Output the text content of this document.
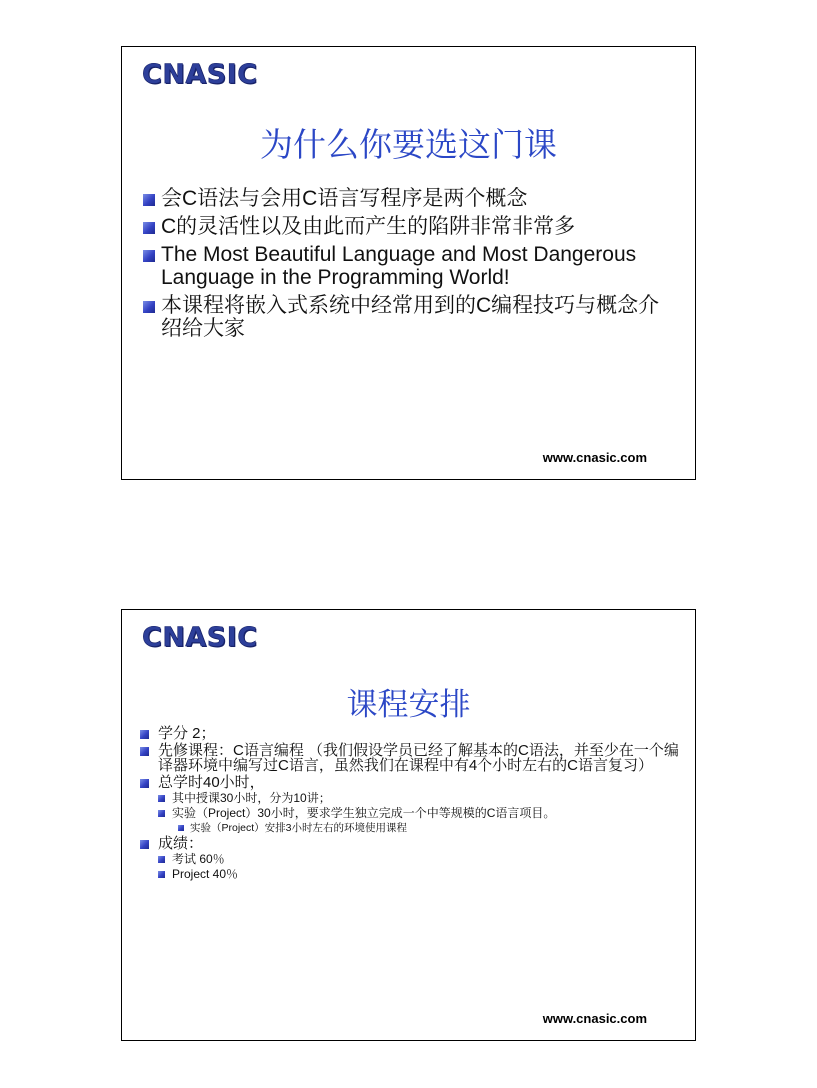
CNASIC
为什么你要选这门课
会C语法与会用C语言写程序是两个概念
C的灵活性以及由此而产生的陷阱非常非常多
The Most Beautiful Language and Most Dangerous Language in the Programming World!
本课程将嵌入式系统中经常用到的C编程技巧与概念介绍给大家
www.cnasic.com
CNASIC
课程安排
学分 2；
先修课程：C语言编程 （我们假设学员已经了解基本的C语法，并至少在一个编译器环境中编写过C语言，虽然我们在课程中有4个小时左右的C语言复习）
总学时40小时，
其中授课30小时，分为10讲；
实验（Project）30小时，要求学生独立完成一个中等规模的C语言项目。
实验（Project）安排3小时左右的环境使用课程
成绩：
考试 60％
Project 40％
www.cnasic.com
